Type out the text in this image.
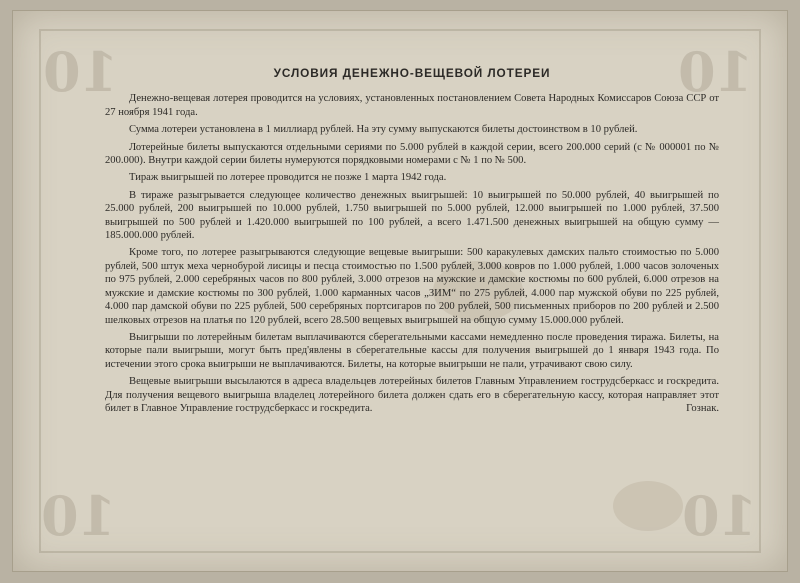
10	10
10	10
УСЛОВИЯ ДЕНЕЖНО-ВЕЩЕВОЙ ЛОТЕРЕИ

Денежно-вещевая лотерея проводится на условиях, установленных постановлением Совета Народных Комиссаров Союза ССР от 27 ноября 1941 года.

Сумма лотереи установлена в 1 миллиард рублей. На эту сумму выпускаются билеты достоинством в 10 рублей.

Лотерейные билеты выпускаются отдельными сериями по 5.000 рублей в каждой серии, всего 200.000 серий (с № 000001 по № 200.000). Внутри каждой серии билеты нумеруются порядковыми номерами с № 1 по № 500.

Тираж выигрышей по лотерее проводится не позже 1 марта 1942 года.

В тираже разыгрывается следующее количество денежных выигрышей: 10 выигрышей по 50.000 рублей, 40 выигрышей по 25.000 рублей, 200 выигрышей по 10.000 рублей, 1.750 выигрышей по 5.000 рублей, 12.000 выигрышей по 1.000 рублей, 37.500 выигрышей по 500 рублей и 1.420.000 выигрышей по 100 рублей, а всего 1.471.500 денежных выигрышей на общую сумму — 185.000.000 рублей.

Кроме того, по лотерее разыгрываются следующие вещевые выигрыши: 500 каракулевых дамских пальто стоимостью по 5.000 рублей, 500 штук меха чернобурой лисицы и песца стоимостью по 1.500 рублей, 3.000 ковров по 1.000 рублей, 1.000 часов золоченых по 975 рублей, 2.000 серебряных часов по 800 рублей, 3.000 отрезов на мужские и дамские костюмы по 600 рублей, 6.000 отрезов на мужские и дамские костюмы по 300 рублей, 1.000 карманных часов „ЗИМ“ по 275 рублей, 4.000 пар мужской обуви по 225 рублей, 4.000 пар дамской обуви по 225 рублей, 500 серебряных портсигаров по 200 рублей, 500 письменных приборов по 200 рублей и 2.500 шелковых отрезов на платья по 120 рублей, всего 28.500 вещевых выигрышей на общую сумму 15.000.000 рублей.

Выигрыши по лотерейным билетам выплачиваются сберегательными кассами немедленно после проведения тиража. Билеты, на которые пали выигрыши, могут быть пред'явлены в сберегательные кассы для получения выигрышей до 1 января 1943 года. По истечении этого срока выигрыши не выплачиваются. Билеты, на которые выигрыши не пали, утрачивают свою силу.

Вещевые выигрыши высылаются в адреса владельцев лотерейных билетов Главным Управлением гострудсберкасс и госкредита. Для получения вещевого выигрыша владелец лотерейного билета должен сдать его в сберегательную кассу, которая направляет этот билет в Главное Управление гострудсберкасс и госкредита.	Гознак.
